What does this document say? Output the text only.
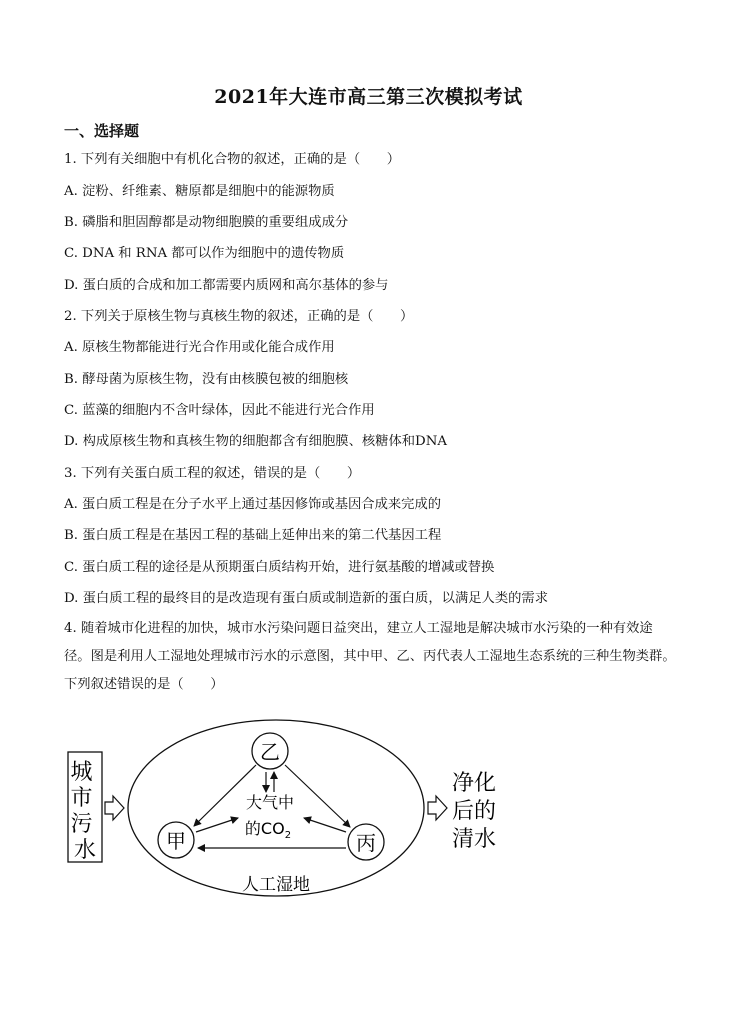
2021年大连市高三第三次模拟考试
一、选择题
1. 下列有关细胞中有机化合物的叙述，正确的是（　　）
A. 淀粉、纤维素、糖原都是细胞中的能源物质
B. 磷脂和胆固醇都是动物细胞膜的重要组成成分
C. DNA 和 RNA 都可以作为细胞中的遗传物质
D. 蛋白质的合成和加工都需要内质网和高尔基体的参与
2. 下列关于原核生物与真核生物的叙述，正确的是（　　）
A. 原核生物都能进行光合作用或化能合成作用
B. 酵母菌为原核生物，没有由核膜包被的细胞核
C. 蓝藻的细胞内不含叶绿体，因此不能进行光合作用
D. 构成原核生物和真核生物的细胞都含有细胞膜、核糖体和DNA
3. 下列有关蛋白质工程的叙述，错误的是（　　）
A. 蛋白质工程是在分子水平上通过基因修饰或基因合成来完成的
B. 蛋白质工程是在基因工程的基础上延伸出来的第二代基因工程
C. 蛋白质工程的途径是从预期蛋白质结构开始，进行氨基酸的增减或替换
D. 蛋白质工程的最终目的是改造现有蛋白质或制造新的蛋白质，以满足人类的需求
4. 随着城市化进程的加快，城市水污染问题日益突出，建立人工湿地是解决城市水污染的一种有效途径。图是利用人工湿地处理城市污水的示意图，其中甲、乙、丙代表人工湿地生态系统的三种生物类群。下列叙述错误的是（　　）
城 市 污 水
人工湿地
乙
甲	丙
大气中
的$CO_2$
净化 后的 清水
